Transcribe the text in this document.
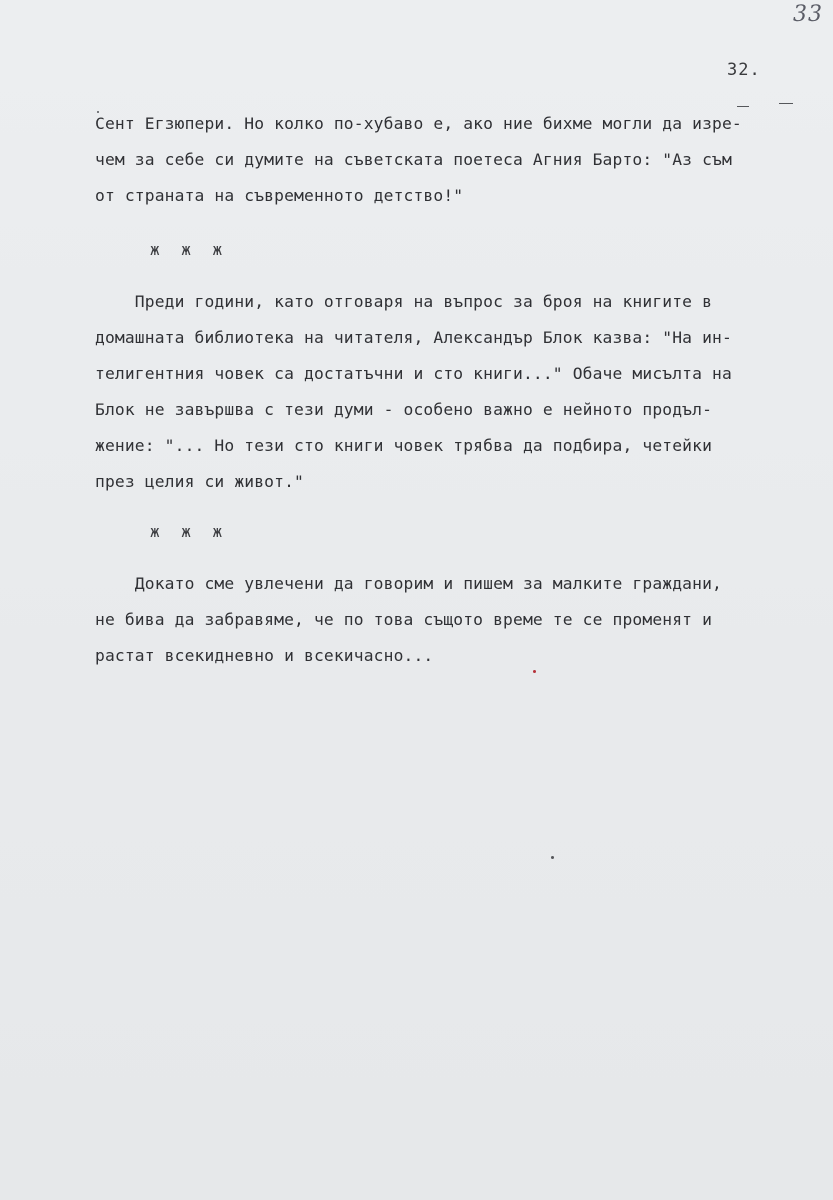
33
32.
Сент Егзюпери. Но колко по-хубаво е, ако ние бихме могли да изре-
чем за себе си думите на съветската поетеса Агния Барто: "Аз съм
от страната на съвременното детство!"
ж ж ж
Преди години, като отговаря на въпрос за броя на книгите в
домашната библиотека на читателя, Александър Блок казва: "На ин-
телигентния човек са достатъчни и сто книги..." Обаче мисълта на
Блок не завършва с тези думи - особено важно е нейното продъл-
жение: "... Но тези сто книги човек трябва да подбира, четейки
през целия си живот."
ж ж ж
Докато сме увлечени да говорим и пишем за малките граждани,
не бива да забравяме, че по това същото време те се променят и
растат всекидневно и всекичасно...
